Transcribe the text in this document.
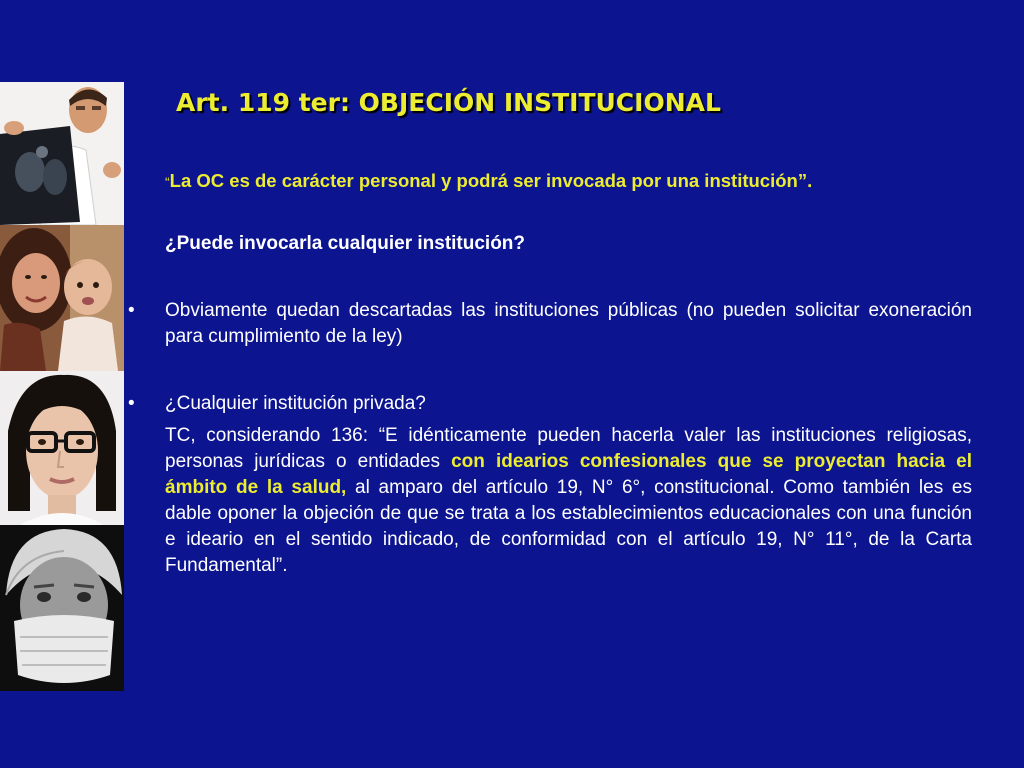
Art. 119 ter: OBJECIÓN INSTITUCIONAL
“La OC es de carácter personal y podrá ser invocada por una institución”.
¿Puede invocarla cualquier institución?
• Obviamente quedan descartadas las instituciones públicas (no pueden solicitar exoneración para cumplimiento de la ley)
• ¿Cualquier institución privada?
TC, considerando 136: “E idénticamente pueden hacerla valer las instituciones religiosas, personas jurídicas o entidades con idearios confesionales que se proyectan hacia el ámbito de la salud, al amparo del artículo 19, N° 6°, constitucional. Como también les es dable oponer la objeción de que se trata a los establecimientos educacionales con una función e ideario en el sentido indicado, de conformidad con el artículo 19, N° 11°, de la Carta Fundamental”.
